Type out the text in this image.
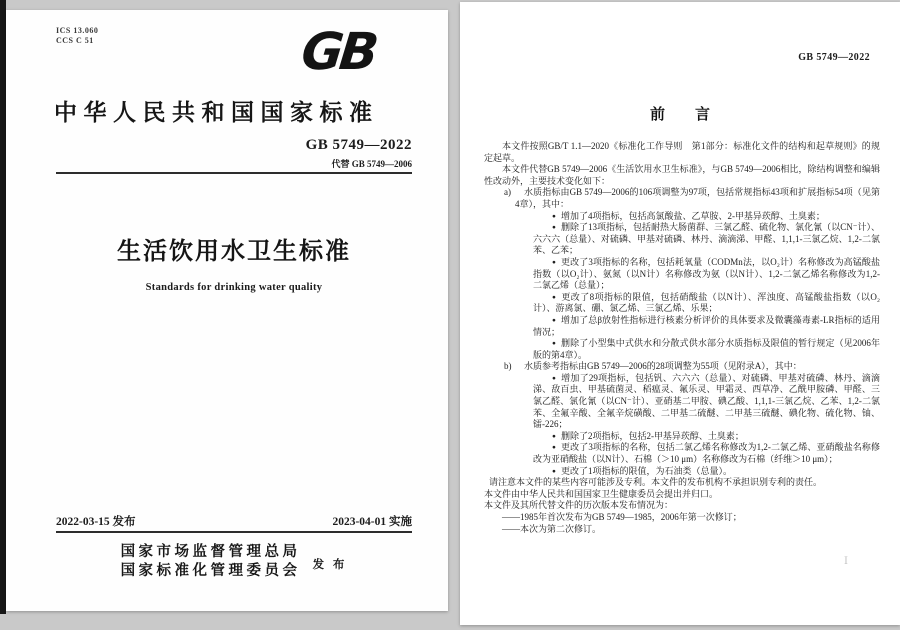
ICS 13.060
CCS C 51	GB
中华人民共和国国家标准
GB 5749—2022
代替 GB 5749—2006
生活饮用水卫生标准
Standards for drinking water quality
2022-03-15 发布	2023-04-01 实施
国家市场监督管理总局
国家标准化管理委员会 发 布
GB 5749—2022
前　　言

本文件按照GB/T 1.1—2020《标准化工作导则　第1部分：标准化文件的结构和起草规则》的规定起草。

本文件代替GB 5749—2006《生活饮用水卫生标准》，与GB 5749—2006相比，除结构调整和编辑性改动外，主要技术变化如下：

a) 水质指标由GB 5749—2006的106项调整为97项，包括常规指标43项和扩展指标54项（见第4章），其中：
● 增加了4项指标，包括高氯酸盐、乙草胺、2-甲基异莰醇、土臭素；
● 删除了13项指标，包括耐热大肠菌群、三氯乙醛、硫化物、氯化氰（以CN⁻计）、六六六（总量）、对硫磷、甲基对硫磷、林丹、滴滴涕、甲醛、1,1,1-三氯乙烷、1,2-二氯苯、乙苯；
● 更改了3项指标的名称，包括耗氧量（CODMn法，以O₂计）名称修改为高锰酸盐指数（以O₂计）、氨氮（以N计）名称修改为氨（以N计）、1,2-二氯乙烯名称修改为1,2-二氯乙烯（总量）；
● 更改了8项指标的限值，包括硝酸盐（以N计）、浑浊度、高锰酸盐指数（以O₂计）、游离氯、硼、氯乙烯、三氯乙烯、乐果；
● 增加了总β放射性指标进行核素分析评价的具体要求及微囊藻毒素-LR指标的适用情况；
● 删除了小型集中式供水和分散式供水部分水质指标及限值的暂行规定（见2006年版的第4章）。
b) 水质参考指标由GB 5749—2006的28项调整为55项（见附录A），其中：
● 增加了29项指标，包括钒、六六六（总量）、对硫磷、甲基对硫磷、林丹、滴滴涕、敌百虫、甲基硫菌灵、稻瘟灵、氟乐灵、甲霜灵、西草净、乙酰甲胺磷、甲醛、三氯乙醛、氯化氰（以CN⁻计）、亚硝基二甲胺、碘乙酸、1,1,1-三氯乙烷、乙苯、1,2-二氯苯、全氟辛酸、全氟辛烷磺酸、二甲基二硫醚、二甲基三硫醚、碘化物、硫化物、铀、镭-226；
● 删除了2项指标，包括2-甲基异莰醇、土臭素；
● 更改了3项指标的名称，包括二氯乙烯名称修改为1,2-二氯乙烯、亚硝酸盐名称修改为亚硝酸盐（以N计）、石棉（＞10 μm）名称修改为石棉（纤维＞10 μm）；
● 更改了1项指标的限值，为石油类（总量）。

请注意本文件的某些内容可能涉及专利。本文件的发布机构不承担识别专利的责任。

本文件由中华人民共和国国家卫生健康委员会提出并归口。

本文件及其所代替文件的历次版本发布情况为：

——1985年首次发布为GB 5749—1985，2006年第一次修订；

——本次为第二次修订。

Ⅰ
